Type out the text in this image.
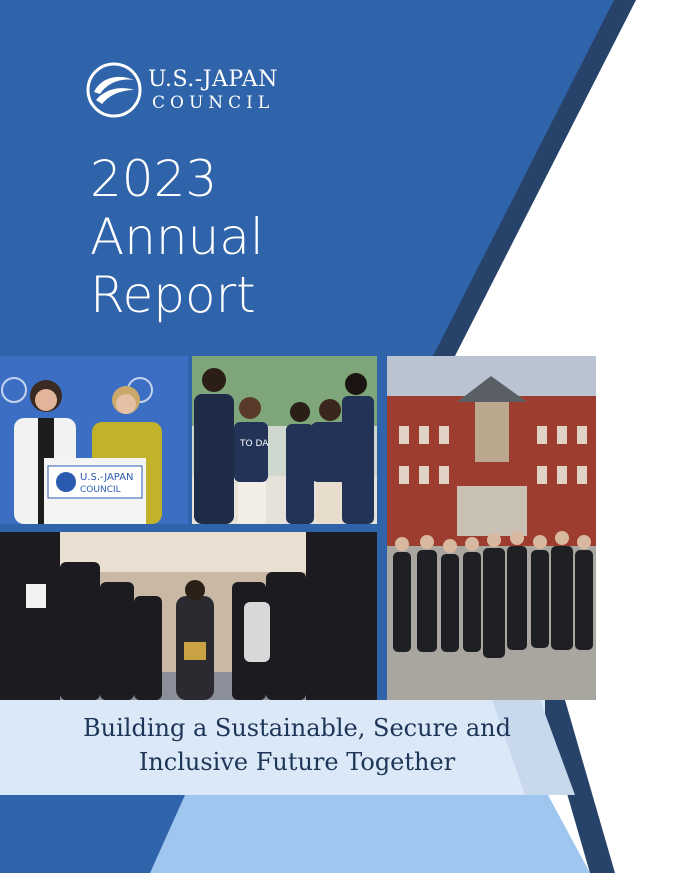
U.S.-JAPAN
COUNCIL
2023
Annual
Report
U.S.-JAPAN
COUNCIL
TO DA
Building a Sustainable, Secure and
Inclusive Future Together
